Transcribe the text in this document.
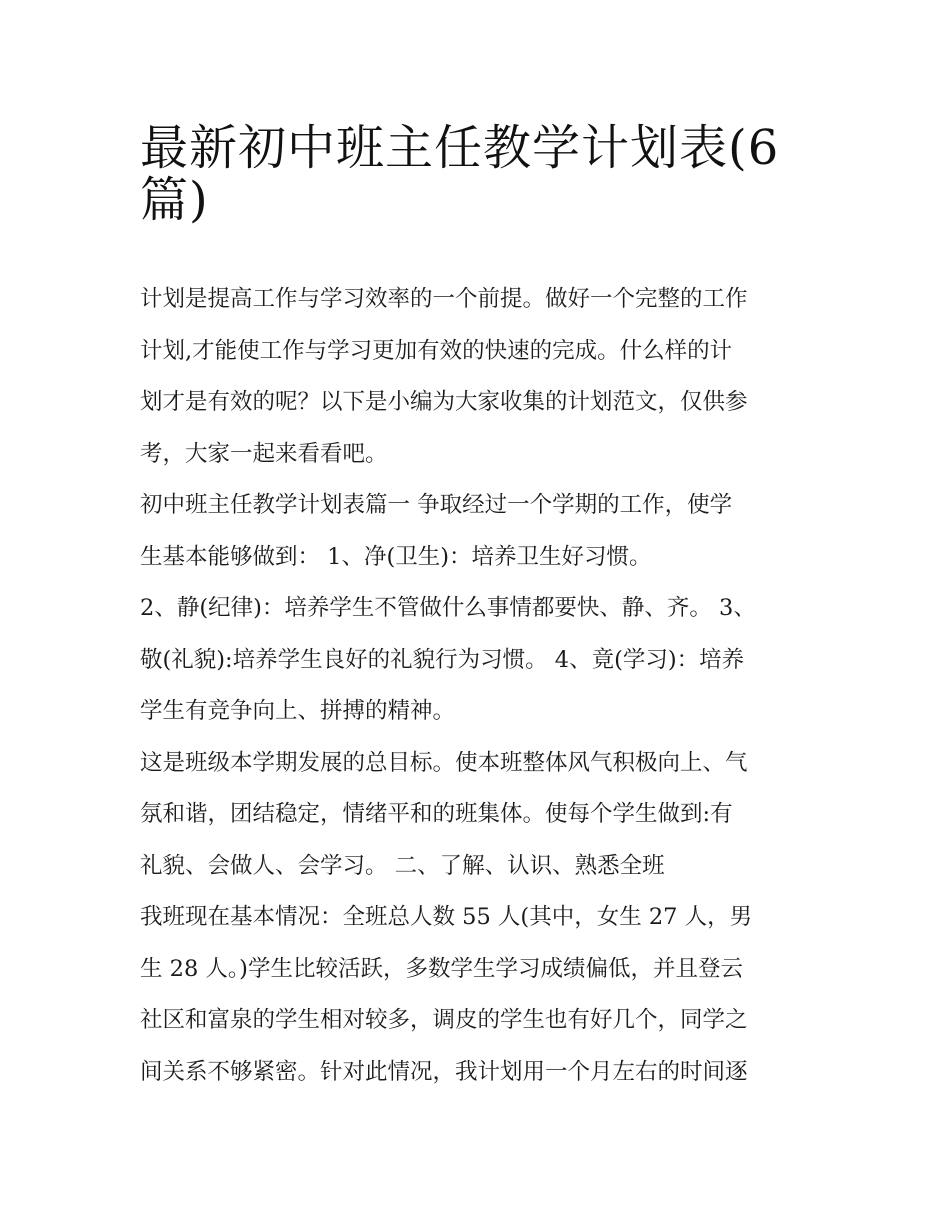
最新初中班主任教学计划表(6
篇)

计划是提高工作与学习效率的一个前提。做好一个完整的工作
计划,才能使工作与学习更加有效的快速的完成。什么样的计
划才是有效的呢？以下是小编为大家收集的计划范文，仅供参
考，大家一起来看看吧。

初中班主任教学计划表篇一 争取经过一个学期的工作，使学
生基本能够做到： 1、净(卫生)：培养卫生好习惯。

2、静(纪律)：培养学生不管做什么事情都要快、静、齐。 3、
敬(礼貌):培养学生良好的礼貌行为习惯。 4、竟(学习)：培养
学生有竞争向上、拼搏的精神。

这是班级本学期发展的总目标。使本班整体风气积极向上、气
氛和谐，团结稳定，情绪平和的班集体。使每个学生做到:有
礼貌、会做人、会学习。 二、了解、认识、熟悉全班

我班现在基本情况：全班总人数 55 人(其中，女生 27 人，男
生 28 人。)学生比较活跃，多数学生学习成绩偏低，并且登云
社区和富泉的学生相对较多，调皮的学生也有好几个，同学之
间关系不够紧密。针对此情况，我计划用一个月左右的时间逐
